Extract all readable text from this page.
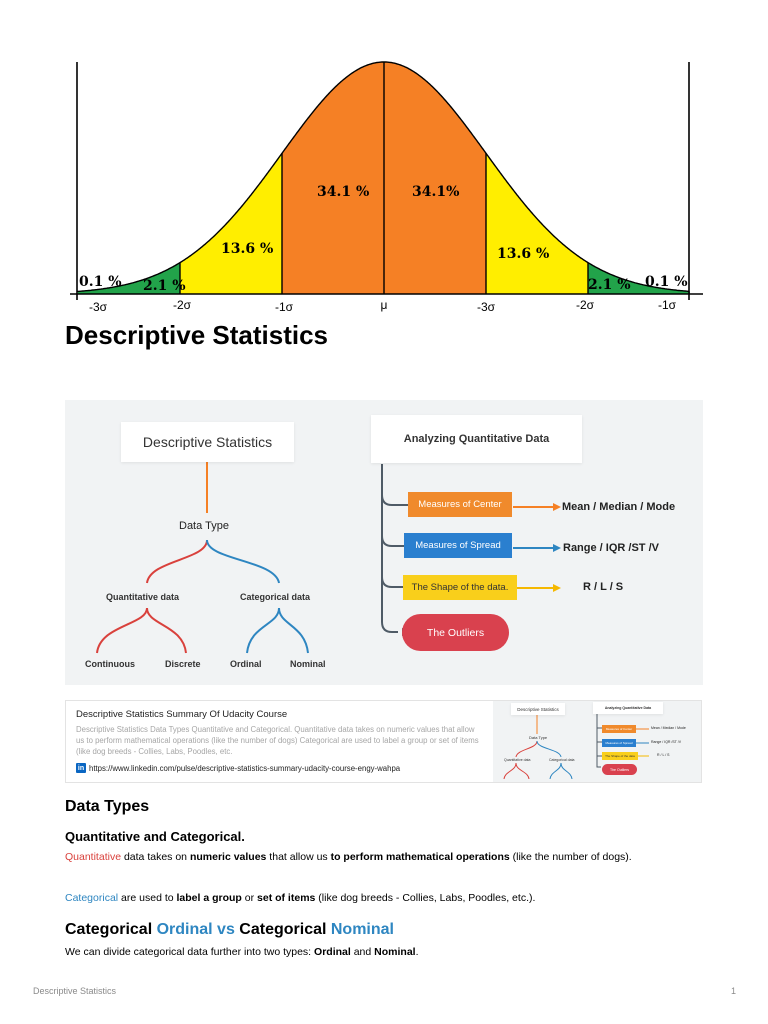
34.1 %	34.1%
13.6 %	13.6 %
2.1 %	2.1 %
0.1 %	0.1 %
-3σ	-2σ	-1σ	μ	-3σ	-2σ	-1σ
Descriptive Statistics
Descriptive Statistics
Data Type
Quantitative data	Categorical data
Continuous	Discrete	Ordinal	Nominal
Analyzing Quantitative Data
Measures of Center	Mean / Median / Mode
Measures of Spread	Range / IQR /ST /V
The Shape of the data.	R / L / S
The Outliers
Descriptive Statistics Summary Of Udacity Course
Descriptive Statistics Data Types Quantitative and Categorical. Quantitative data takes on numeric values that allow us to perform mathematical operations (like the number of dogs) Categorical are used to label a group or set of items (like dog breeds - Collies, Labs, Poodles, etc.
in https://www.linkedin.com/pulse/descriptive-statistics-summary-udacity-course-engy-wahpa
Descriptive Statistics	Analyzing Quantitative Data
Data Type
Quantitative data	Categorical data
Measures of Center
Measures of Spread
The Shape of the data
The Outliers
Mean / Median / Mode
Range / IQR /ST /V
R / L / S
Data Types
Quantitative and Categorical.

Quantitative data takes on numeric values that allow us to perform mathematical operations (like the number of dogs).

Categorical are used to label a group or set of items (like dog breeds - Collies, Labs, Poodles, etc.).

Categorical Ordinal vs Categorical Nominal

We can divide categorical data further into two types: Ordinal and Nominal.

Descriptive Statistics	1
